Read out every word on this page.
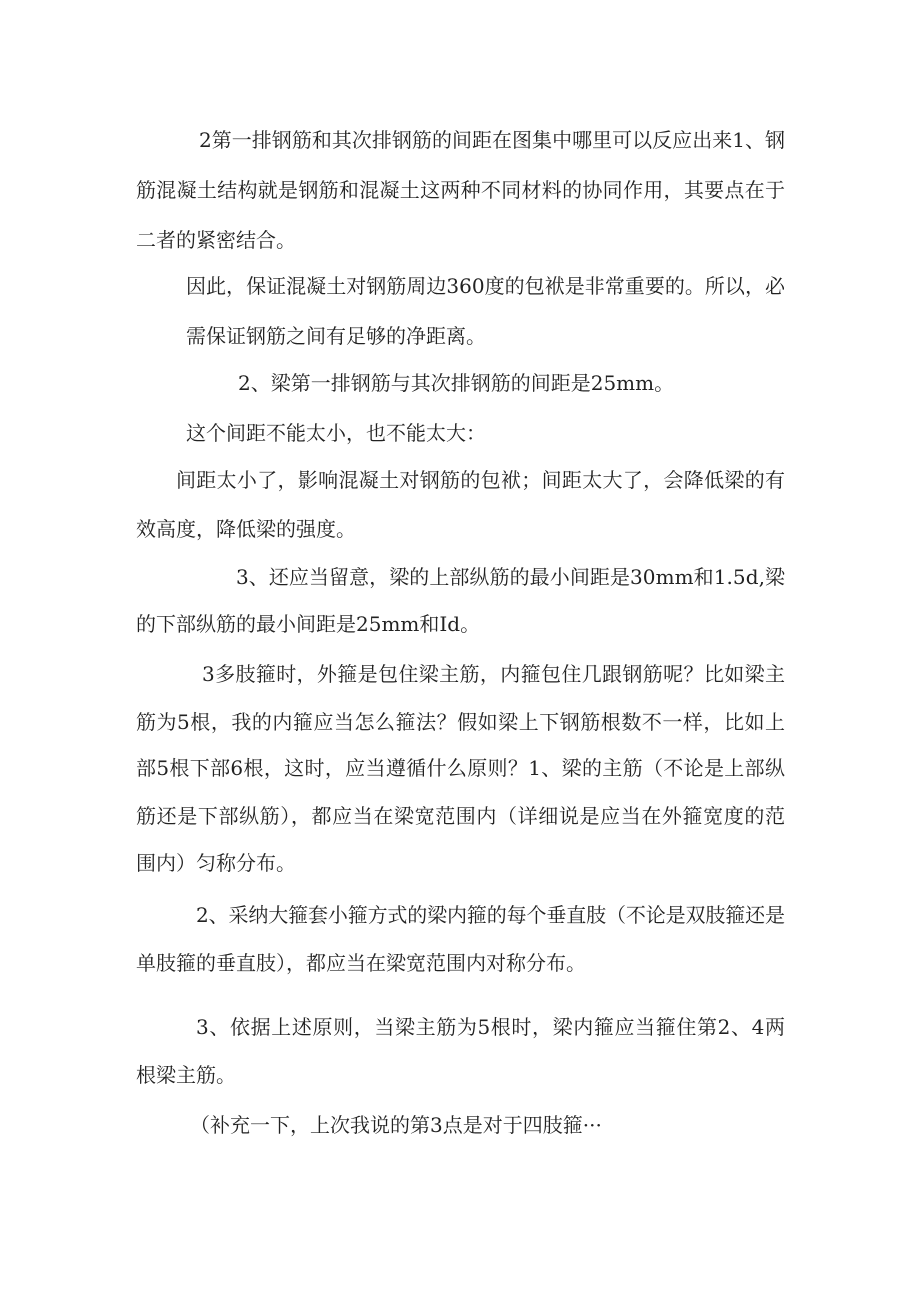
2第一排钢筋和其次排钢筋的间距在图集中哪里可以反应出来1、钢
筋混凝土结构就是钢筋和混凝土这两种不同材料的协同作用，其要点在于
二者的紧密结合。
因此，保证混凝土对钢筋周边360度的包袱是非常重要的。所以，必
需保证钢筋之间有足够的净距离。
2、梁第一排钢筋与其次排钢筋的间距是25mm。
这个间距不能太小，也不能太大：
间距太小了，影响混凝土对钢筋的包袱；间距太大了，会降低梁的有
效高度，降低梁的强度。
3、还应当留意，梁的上部纵筋的最小间距是30mm和1.5d,梁
的下部纵筋的最小间距是25mm和Id。
3多肢箍时，外箍是包住梁主筋，内箍包住几跟钢筋呢？比如梁主
筋为5根，我的内箍应当怎么箍法？假如梁上下钢筋根数不一样，比如上
部5根下部6根，这时，应当遵循什么原则？1、梁的主筋（不论是上部纵
筋还是下部纵筋），都应当在梁宽范围内（详细说是应当在外箍宽度的范
围内）匀称分布。
2、采纳大箍套小箍方式的梁内箍的每个垂直肢（不论是双肢箍还是
单肢箍的垂直肢），都应当在梁宽范围内对称分布。
3、依据上述原则，当梁主筋为5根时，梁内箍应当箍住第2、4两
根梁主筋。
（补充一下，上次我说的第3点是对于四肢箍···
